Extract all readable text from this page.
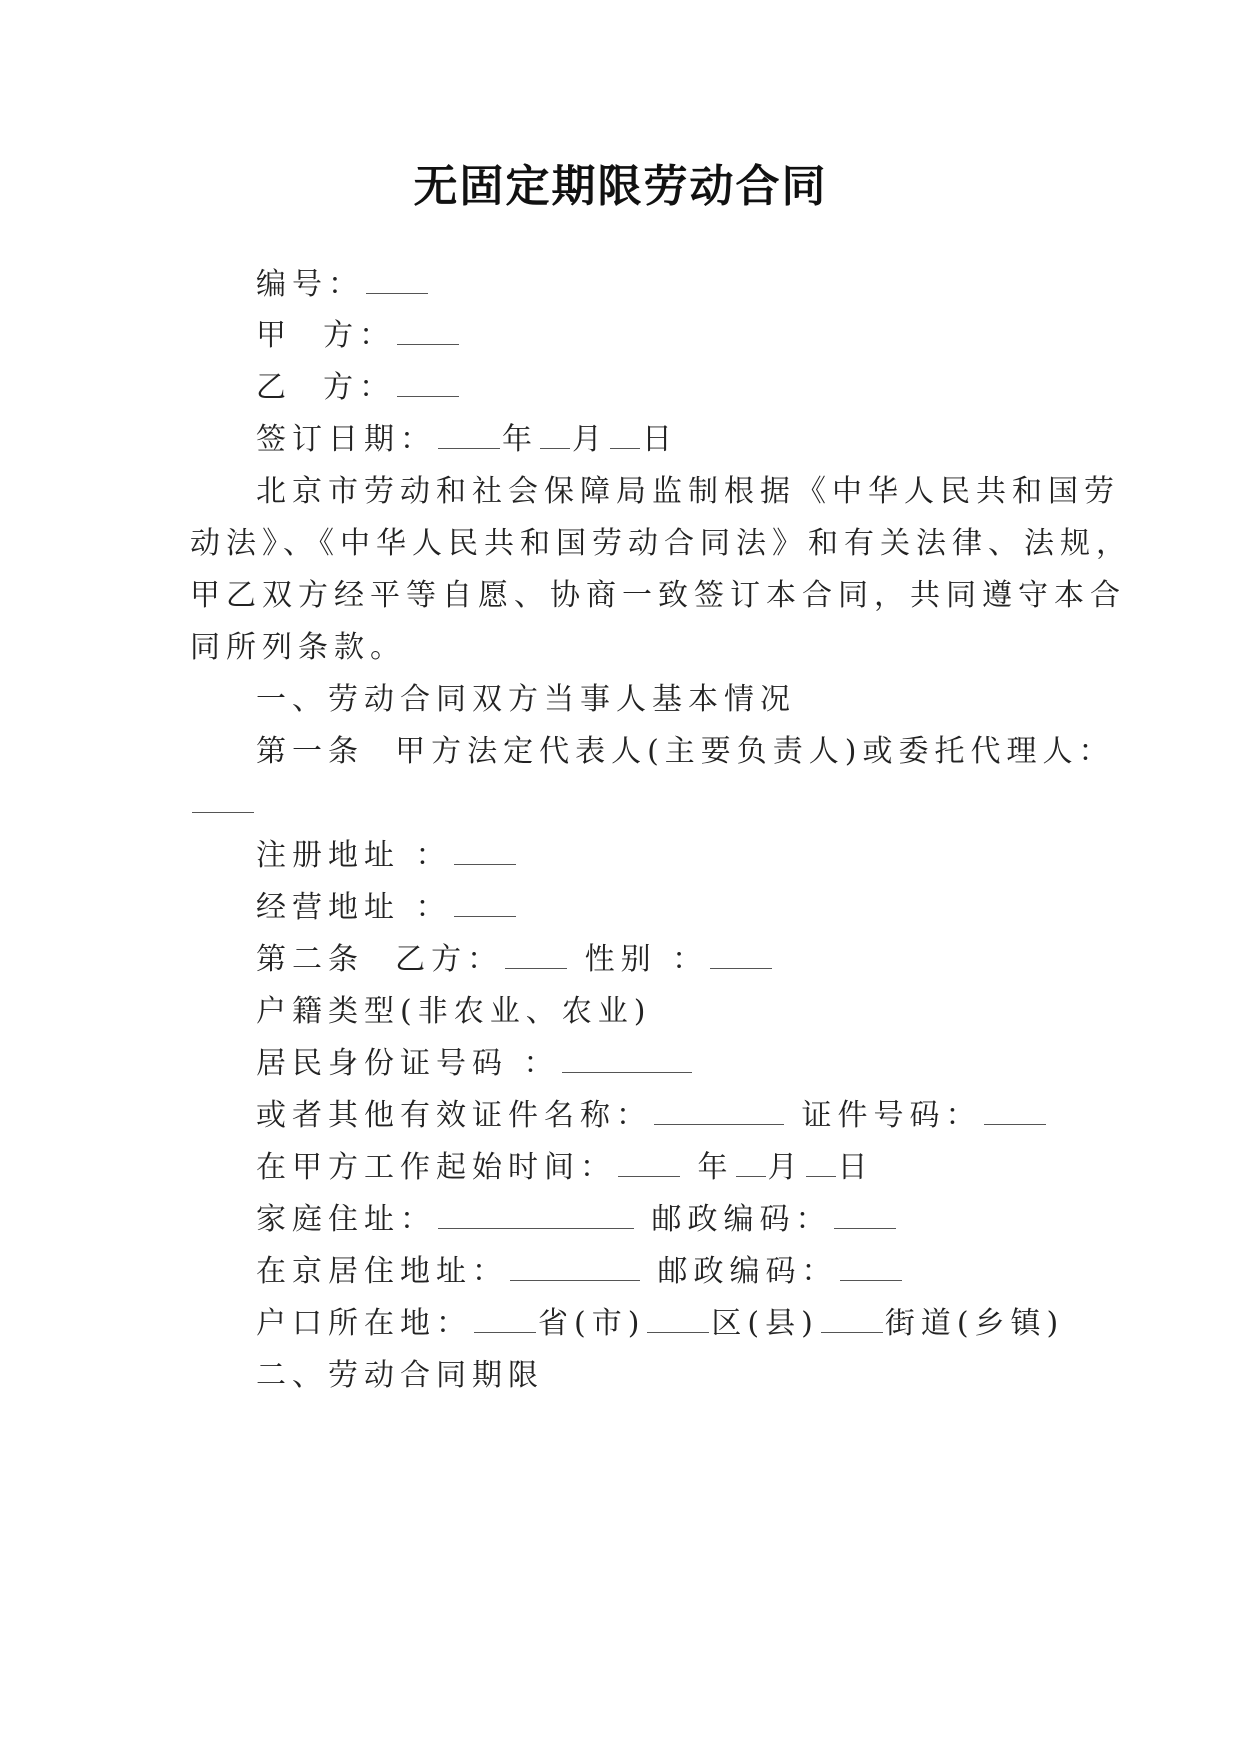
无固定期限劳动合同
编号：
甲  方：
乙  方：
签订日期： 年 月 日
北京市劳动和社会保障局监制根据《中华人民共和国劳
动法》、《中华人民共和国劳动合同法》和有关法律、法规，
甲乙双方经平等自愿、协商一致签订本合同，共同遵守本合
同所列条款。
一、劳动合同双方当事人基本情况
第一条  甲方法定代表人(主要负责人)或委托代理人：
注册地址 ：
经营地址 ：
第二条  乙方：	性别 ：
户籍类型(非农业、农业)
居民身份证号码 ：
或者其他有效证件名称：	证件号码：
在甲方工作起始时间：	年 月 日
家庭住址：	邮政编码：
在京居住地址：	邮政编码：
户口所在地： 省(市) 区(县) 街道(乡镇)
二、劳动合同期限
